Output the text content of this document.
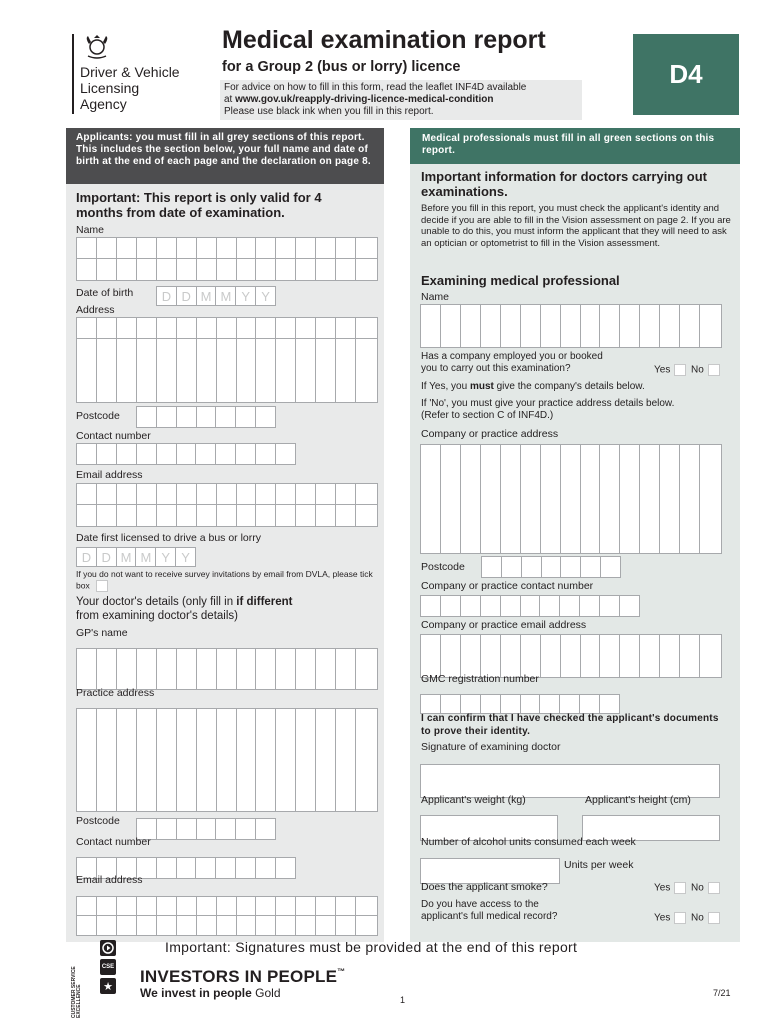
Driver & Vehicle
Licensing
Agency
Medical examination report
for a Group 2 (bus or lorry) licence
For advice on how to fill in this form, read the leaflet INF4D available
at www.gov.uk/reapply-driving-licence-medical-condition
Please use black ink when you fill in this report.
D4
Applicants: you must fill in all grey sections of this report. This includes the section below, your full name and date of birth at the end of each page and the declaration on page 8.
Important: This report is only valid for 4 months from date of examination.
Name
Date of birth	D D M M Y Y
Address
Postcode
Contact number
Email address
Date first licensed to drive a bus or lorry
D D M M Y Y
If you do not want to receive survey invitations by email from DVLA, please tick box
Your doctor's details (only fill in if different
from examining doctor's details)
GP's name
Practice address
Postcode
Contact number
Email address
Medical professionals must fill in all green sections on this report.
Important information for doctors carrying out examinations.
Before you fill in this report, you must check the applicant's identity and decide if you are able to fill in the Vision assessment on page 2. If you are unable to do this, you must inform the applicant that they will need to ask an optician or optometrist to fill in the Vision assessment.
Examining medical professional
Name
Has a company employed you or booked
you to carry out this examination?	Yes	No
If Yes, you must give the company's details below.
If 'No', you must give your practice address details below.
(Refer to section C of INF4D.)
Company or practice address
Postcode
Company or practice contact number
Company or practice email address
GMC registration number
I can confirm that I have checked the applicant's documents to prove their identity.
Signature of examining doctor
Applicant's weight (kg)	Applicant's height (cm)
Number of alcohol units consumed each week
Units per week
Does the applicant smoke?	Yes	No
Do you have access to the
applicant's full medical record?	Yes	No
Important: Signatures must be provided at the end of this report
CUSTOMER SERVICE EXCELLENCE
CSE
★
INVESTORS IN PEOPLE™
We invest in people Gold	1
7/21
